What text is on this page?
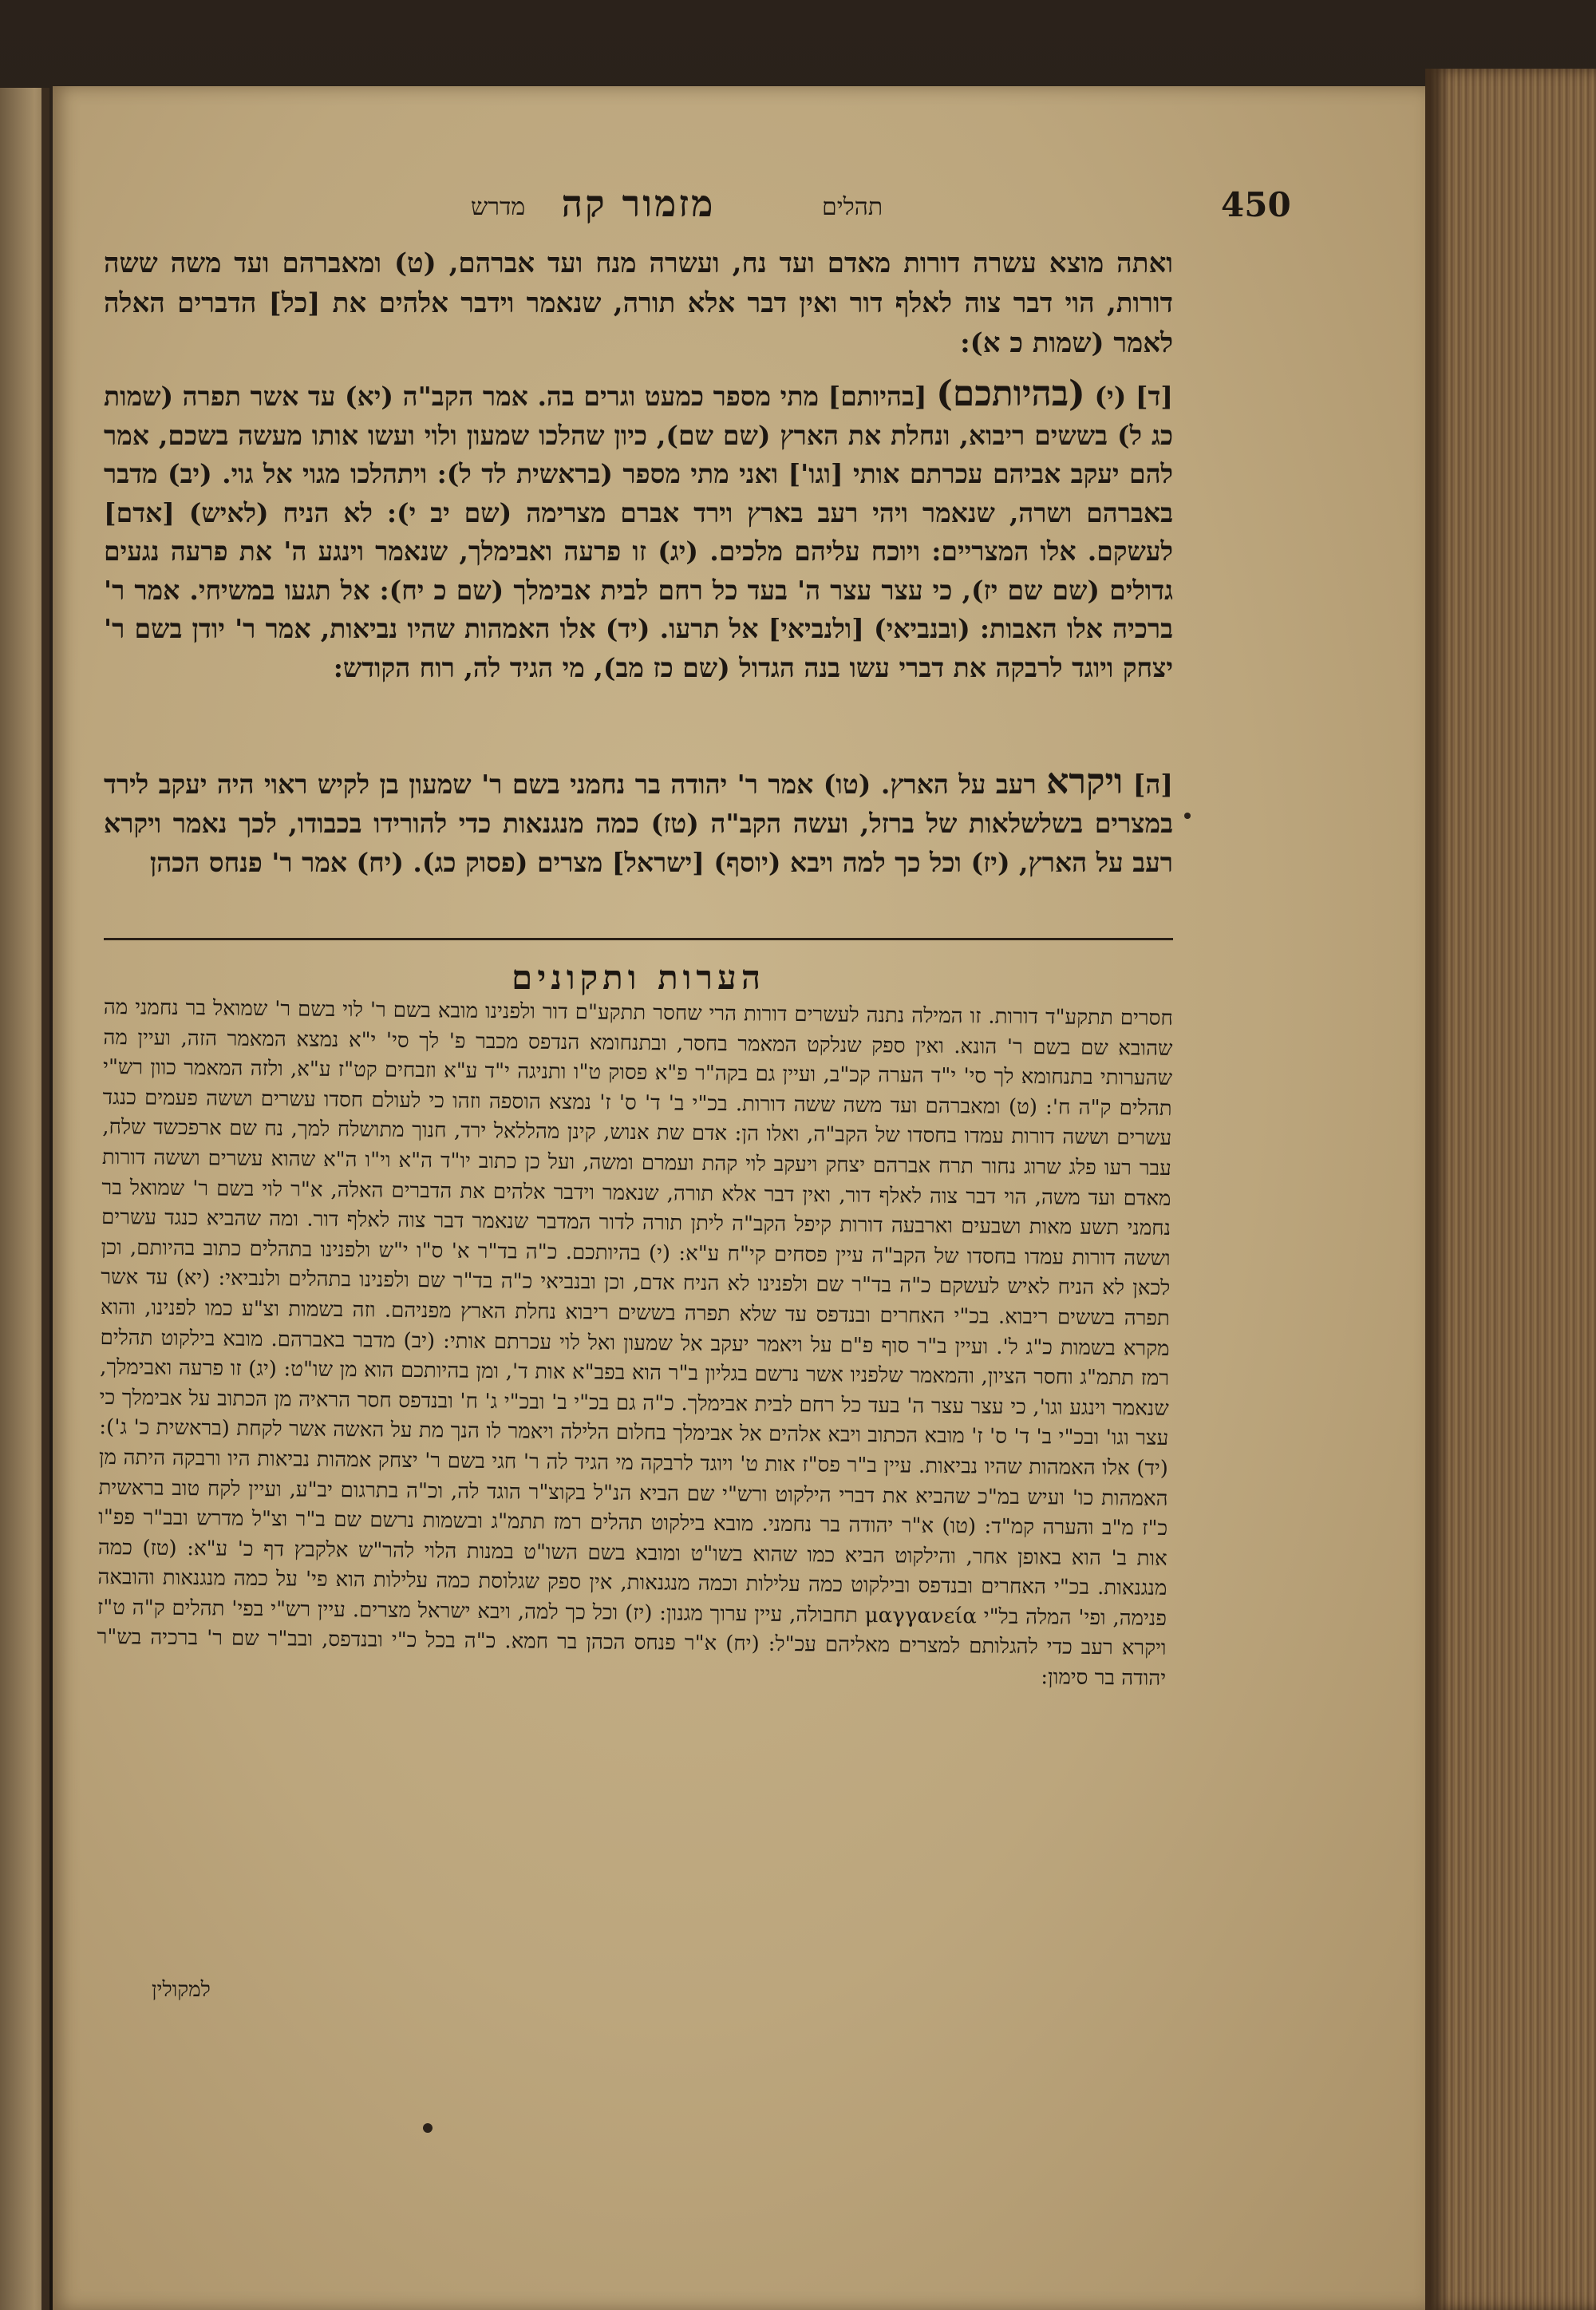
מזמור קה
מדרש	תהלים	450
ואתה מוצא עשרה דורות מאדם ועד נח, ועשרה מנח ועד אברהם, (ט) ומאברהם ועד משה ששה דורות, הוי דבר צוה לאלף דור ואין דבר אלא תורה, שנאמר וידבר אלהים את [כל] הדברים האלה לאמר (שמות כ א):
[ד] (י) (בהיותכם) [בהיותם] מתי מספר כמעט וגרים בה. אמר הקב"ה (יא) עד אשר תפרה (שמות כג ל) בששים ריבוא, ונחלת את הארץ (שם שם), כיון שהלכו שמעון ולוי ועשו אותו מעשה בשכם, אמר להם יעקב אביהם עכרתם אותי [וגו'] ואני מתי מספר (בראשית לד ל): ויתהלכו מגוי אל גוי. (יב) מדבר באברהם ושרה, שנאמר ויהי רעב בארץ וירד אברם מצרימה (שם יב י): לא הניח (לאיש) [אדם] לעשקם. אלו המצריים: ויוכח עליהם מלכים. (יג) זו פרעה ואבימלך, שנאמר וינגע ה' את פרעה נגעים גדולים (שם שם יז), כי עצר עצר ה' בעד כל רחם לבית אבימלך (שם כ יח): אל תגעו במשיחי. אמר ר' ברכיה אלו האבות: (ובנביאי) [ולנביאי] אל תרעו. (יד) אלו האמהות שהיו נביאות, אמר ר' יודן בשם ר' יצחק ויוגד לרבקה את דברי עשו בנה הגדול (שם כז מב), מי הגיד לה, רוח הקודש:
[ה] ויקרא רעב על הארץ. (טו) אמר ר' יהודה בר נחמני בשם ר' שמעון בן לקיש ראוי היה יעקב לירד במצרים בשלשלאות של ברזל, ועשה הקב"ה (טז) כמה מנגנאות כדי להורידו בכבודו, לכך נאמר ויקרא רעב על הארץ, (יז) וכל כך למה ויבא (יוסף) [ישראל] מצרים (פסוק כג). (יח) אמר ר' פנחס הכהן
הערות ותקונים
חסרים תתקע"ד דורות. זו המילה נתנה לעשרים דורות הרי שחסר תתקע"ם דור ולפנינו מובא בשם ר' לוי בשם ר' שמואל בר נחמני מה שהובא שם בשם ר' הונא. ואין ספק שנלקט המאמר בחסר, ובתנחומא הנדפס מכבר פ' לך סי' י"א נמצא המאמר הזה, ועיין מה שהערותי בתנחומא לך סי' י"ד הערה קכ"ב, ועיין גם בקה"ר פ"א פסוק ט"ו ותניגה י"ד ע"א וזבחים קט"ז ע"א, ולזה המאמר כוון רש"י תהלים ק"ה ח': (ט) ומאברהם ועד משה ששה דורות. בכ"י ב' ד' ס' ז' נמצא הוספה וזהו כי לעולם חסדו עשרים וששה פעמים כנגד עשרים וששה דורות עמדו בחסדו של הקב"ה, ואלו הן: אדם שת אנוש, קינן מהללאל ירד, חנוך מתושלח למך, נח שם ארפכשד שלח, עבר רעו פלג שרוג נחור תרח אברהם יצחק ויעקב לוי קהת ועמרם ומשה, ועל כן כתוב יו"ד ה"א וי"ו ה"א שהוא עשרים וששה דורות מאדם ועד משה, הוי דבר צוה לאלף דור, ואין דבר אלא תורה, שנאמר וידבר אלהים את הדברים האלה, א"ר לוי בשם ר' שמואל בר נחמני תשע מאות ושבעים וארבעה דורות קיפל הקב"ה ליתן תורה לדור המדבר שנאמר דבר צוה לאלף דור. ומה שהביא כנגד עשרים וששה דורות עמדו בחסדו של הקב"ה עיין פסחים קי"ח ע"א: (י) בהיותכם. כ"ה בד"ר א' ס"ו י"ש ולפנינו בתהלים כתוב בהיותם, וכן לכאן לא הניח לאיש לעשקם כ"ה בד"ר שם ולפנינו לא הניח אדם, וכן ובנביאי כ"ה בד"ר שם ולפנינו בתהלים ולנביאי: (יא) עד אשר תפרה בששים ריבוא. בכ"י האחרים ובנדפס עד שלא תפרה בששים ריבוא נחלת הארץ מפניהם. וזה בשמות וצ"ע כמו לפנינו, והוא מקרא בשמות כ"ג ל'. ועיין ב"ר סוף פ"ם על ויאמר יעקב אל שמעון ואל לוי עכרתם אותי: (יב) מדבר באברהם. מובא בילקוט תהלים רמז תתמ"ג וחסר הציון, והמאמר שלפניו אשר נרשם בגליון ב"ר הוא בפב"א אות ד', ומן בהיותכם הוא מן שו"ט: (יג) זו פרעה ואבימלך, שנאמר וינגע וגו', כי עצר עצר ה' בעד כל רחם לבית אבימלך. כ"ה גם בכ"י ב' ובכ"י ג' ח' ובנדפס חסר הראיה מן הכתוב על אבימלך כי עצר וגו' ובכ"י ב' ד' ס' ז' מובא הכתוב ויבא אלהים אל אבימלך בחלום הלילה ויאמר לו הנך מת על האשה אשר לקחת (בראשית כ' ג'): (יד) אלו האמהות שהיו נביאות. עיין ב"ר פס"ז אות ט' ויוגד לרבקה מי הגיד לה ר' חגי בשם ר' יצחק אמהות נביאות היו ורבקה היתה מן האמהות כו' ועיש במ"כ שהביא את דברי הילקוט ורש"י שם הביא הנ"ל בקוצ"ר הוגד לה, וכ"ה בתרגום יב"ע, ועיין לקח טוב בראשית כ"ז מ"ב והערה קמ"ד: (טו) א"ר יהודה בר נחמני. מובא בילקוט תהלים רמז תתמ"ג ובשמות נרשם שם ב"ר וצ"ל מדרש ובב"ר פפ"ו אות ב' הוא באופן אחר, והילקוט הביא כמו שהוא בשו"ט ומובא בשם השו"ט במנות הלוי להר"ש אלקבץ דף כ' ע"א: (טז) כמה מנגנאות. בכ"י האחרים ובנדפס ובילקוט כמה עלילות וכמה מנגנאות, אין ספק שגלוסת כמה עלילות הוא פי' על כמה מנגנאות והובאה פנימה, ופי' המלה בל"י μαγγανεία תחבולה, עיין ערוך מגנון: (יז) וכל כך למה, ויבא ישראל מצרים. עיין רש"י בפי' תהלים ק"ה ט"ז ויקרא רעב כדי להגלותם למצרים מאליהם עכ"ל: (יח) א"ר פנחס הכהן בר חמא. כ"ה בכל כ"י ובנדפס, ובב"ר שם ר' ברכיה בש"ר יהודה בר סימון:
למקולין
